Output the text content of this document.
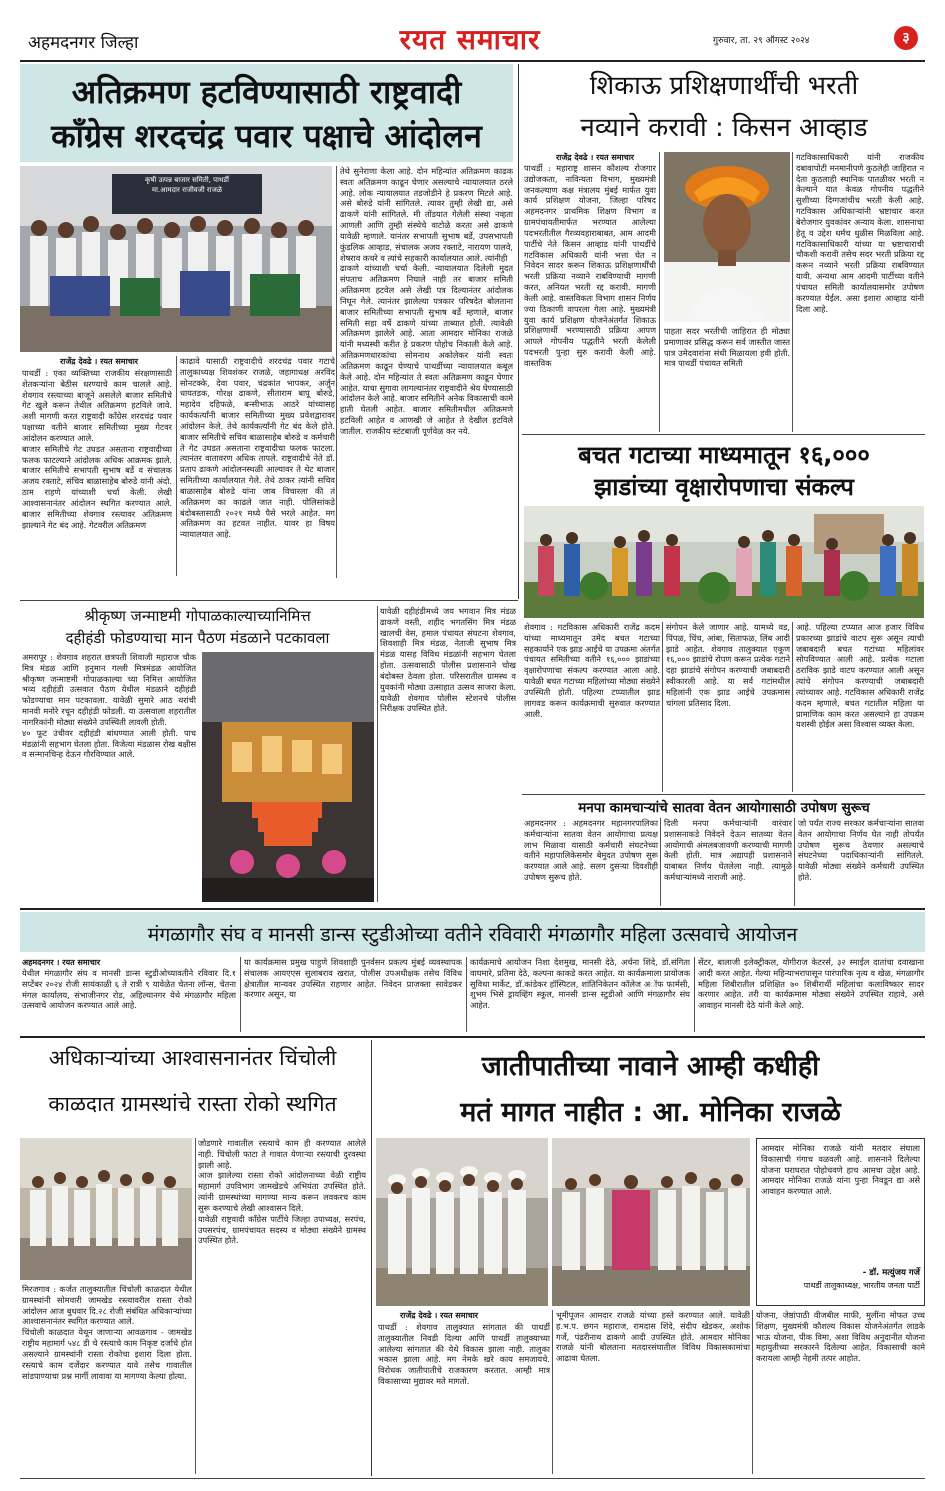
अहमदनगर जिल्हा	रयत समाचार	गुरुवार, ता. २९ ऑगस्ट २०२४	३
अतिक्रमण हटविण्यासाठी राष्ट्रवादी
काँग्रेस शरदचंद्र पवार पक्षाचे आंदोलन
कृषी उत्पन्न बाजार समिती, पाथर्डी
मा.आमदार राजीवजी राजळे
राजेंद्र देवढे । रयत समाचार
पाथर्डी : एका व्यक्तिच्या राजकीय संरक्षणासाठी शेतकऱ्यांना बेठीस धरण्याचे काम चालले आहे. शेवगाव रस्त्याच्या बाजूने असलेले बाजार समितीचे गेट खुले करून तेथील अतिक्रमण हटविले जावे. अशी मागणी करत राष्ट्रवादी काँग्रेस शरदचंद्र पवार पक्षाच्या वतीने बाजार समितीच्या मुख्य गेटवर आंदोलन करण्यात आले.
बाजार समितीचे गेट उघडत असताना राष्ट्रवादीच्या फलक फाटल्याने आंदोलक अधिक आक्रमक झाले. बाजार समितीचे सभापती सुभाष बर्डे व संचालक अजय रक्ताटे, संचिव बाळासाहेब बोरुडे यांनी अंदो. ठाम राहणे यांच्याशी चर्चा केली. लेखी आश्वासनानंतर आंदोलन स्थगित करण्यात आले. बाजार समितीच्या शेवगाव रस्त्यावर अतिक्रमण झाल्याने गेट बंद आहे. गेटवरील अतिक्रमण
काढावे यासाठी राष्ट्रवादीचे शरदचंद्र पवार गटाचे तालुकाध्यक्ष शिवशंकर राजळे, जहागाधक्ष अरविंद सोनटक्के, देवा पवार, चंद्रकांत भापकर, अर्जुन धायतडक, गोरक्ष ढाकणे, सीताराम बापू बोरुडे, महादेव दहिफळे, बन्सीभाऊ आठरे यांच्यासह कार्यकर्त्यांनी बाजार समितीच्या मुख्य प्रवेशद्वारावर आंदोलन केले. तेथे कार्यकर्त्यांनी गेट बंद केले होते. बाजार समितीचे सचिव बाळासाहेब बोरुडे व कर्मचारी ते गेट उघडत असताना राष्ट्रवादीचा फलक फाटला. त्यानंतर वातावरण अधिक तापले. राष्ट्रवादीचे नेते डॉ. प्रताप ढाकणे आंदोलनस्थळी आल्यावर ते थेट बाजार समितीच्या कार्यालयात गेले. तेथे ठाकर त्यांनी सचिव बाळासाहेब बोरुडे यांना जाब विचारला की तं अतिक्रमण का काढले जात नाही. पोलिसांकडे बंदोबस्तासाठी २०२१ मध्ये पैसे भरले आहेत. मग अतिक्रमण का हटवत नाहीत. यावर हा विषय न्यायालयात आहे.
तेथे सुनेराणा केला आहे. दोन महिन्यांत अतिक्रमण काढक स्वतः अतिक्रमण काढून घेणार असल्याचे न्यायालयात ठरले आहे. लोक न्यायालयात तडजोडीने हे प्रकरण मिटले आहे. असे बोरुडे यांनी सांगितले. त्यावर तुम्ही लेखी द्या, असे ढाकणे यांनी सांगितले. मी तोंडयात गेलेली संस्था नव्हता आणली आणि तुम्ही संस्थेचे वाटोळे करता असे ढाकणे यावेळी म्हणाले. यानंतर सभापती सुभाष बर्डे, उपसभापती कुंडलिक आव्हाड, संचालक अजय रक्ताटे, नारायण पालवे, शेषराव कचरे व त्यांचे सहकारी कार्यालयात आले. त्यांनीही
ढाकणे यांच्याशी चर्चा केली. न्यायालयात दिलेली मुदत संपताच अतिक्रमण निघाले नाही तर बाजार समिती अतिक्रमण हटवेल असे लेखी पत्र दिल्यानंतर आंदोलक निघून गेले. त्यानंतर झालेल्या पत्रकार परिषदेत बोलताना बाजार समितीच्या सभापती सुभाष बर्डे म्हणाले, बाजार समिती सहा वर्षे ढाकणे यांच्या ताब्यात होती. त्यावेळी अतिक्रमण झालेले आहे. आता आमदार मोनिका राजळे यांनी मध्यस्थी करीत हे प्रकरण पोहोच निकाली केले आहे. अतिक्रमणधारकांचा सोमनाथ अकोलेकर यांनी स्वतः अतिक्रमण काढून घेण्याचे पाथर्डीच्या न्यायालयात कबूल केले आहे. दोन महिन्यांत ते स्वतः अतिक्रमण काढून घेणार आहेत. याचा सुगावा लागल्यानंतर राष्ट्रवादीने श्रेय घेण्यासाठी आंदोलन केले आहे. बाजार समितीने अनेक विकासाची कामे हाती घेतली आहेत. बाजार समितीमधील अतिक्रमणे हटविली आहेत व आणखी जे आहेत ते देखील हटविले जातील. राजकीय स्टंटबाजी पूर्णवेळ कर नये.
शिकाऊ प्रशिक्षणार्थींची भरती
नव्याने करावी : किसन आव्हाड
राजेंद्र देवढे । रयत समाचार
पाथर्डी : महाराष्ट्र शासन कौशल्य रोजगार उद्योजकता, नाविन्यता विभाग, मुख्यमंत्री जनकल्याण कक्ष मंत्रालय मुंबई मार्फत युवा कार्य प्रशिक्षण योजना, जिल्हा परिषद अहमदनगर प्राथमिक शिक्षण विभाग व ग्रामपंचायतीमार्फत भरण्यात आलेल्या पदभरतीतील गैरव्यवहाराबाबत, आम आदमी पार्टीचे नेते किसन आव्हाड यांनी पाथर्डीचे गटविकास अधिकारी यांनी भत्ता घेत न निवेदन सादर करून शिकाऊ प्रशिक्षणार्थींची भरती प्रक्रिया नव्याने राबविण्याची मागणी करत, अनियत भरती रद्द करावी. मागणी केली आहे. वास्तविकतः विभाग शासन निर्णय ज्या ठिकाणी वापरला गेला आहे. मुख्यमंत्री युवा कार्य प्रशिक्षण योजनेअंतर्गत शिकाऊ प्रशिक्षणार्थी भरण्यासाठी प्रक्रिया आपण आपले गोपनीय पद्धतीने भरती केलेली पदभरती पुन्हा सुरु करावी केली आहे. वास्तविक
पाहता सदर भरतीची जाहिरात ही मोठ्या प्रमाणावर प्रसिद्ध करून सर्व जास्तीत जास्त पात्र उमेदवारांना संधी मिळायला हवी होती. मात्र पाथर्डी पंचायत समिती
गटविकासाधिकारी यांनी राजकीय दबावापोटी मनमानीपणे कुठलेही जाहिरात न देता कुठलाही स्थानिक पातळीवर भरती न केल्याने यात केवळ गोपनीय पद्धतीने सुशीच्या दिग्गजांचीच भरती केली आहे. गटविकास अधिकाऱ्यांनी भ्रष्टाचार करत बेरोजगार युवकांवर अन्याय केला. शासनाचा हेतू व उद्देश धर्मच धुळीस मिळविला आहे. गटविकासाधिकारी यांच्या या भ्रष्टाचाराची चौकशी करावी तसेच सदर भरती प्रक्रिया रद्द करून नव्याने भरती प्रक्रिया राबविण्यात यावी. अन्यथा आम आदमी पार्टीच्या वतीने पंचायत समिती कार्यालयासमोर उपोषण करण्यात येईल. असा इशारा आव्हाड यांनी दिला आहे.
बचत गटाच्या माध्यमातून १६,०००
झाडांच्या वृक्षारोपणाचा संकल्प
शेवगाव : गटविकास अधिकारी राजेंद्र कदम यांच्या माध्यमातून उमेद बचत गटाच्या सहकार्याने एक झाड आईचे या उपक्रमा अंतर्गत पंचायत समितीच्या वतीने १६,००० झाडांच्या वृक्षारोपणाचा संकल्प करण्यात आला आहे. यावेळी बचत गटाच्या महिलांच्या मोठ्या संख्येने उपस्थिती होती. पहिल्या टप्प्यातील झाड लागवड करून कार्यक्रमाची सुरुवात करण्यात आली.
संगोपन केले जाणार आहे. यामध्ये वड, पिंपळ, चिंच, आंबा, सिताफळ, लिंब आदी झाडे आहेत. शेवगाव तालुक्यात एकूण १६,००० झाडांचे रोपण करून प्रत्येक गटाने दहा झाडांचे संगोपन करण्याची जबाबदारी स्वीकारली आहे. या सर्व गटांमधील महिलांनी एक झाड आईचे उपक्रमास चांगला प्रतिसाद दिला.
आहे. पहिल्या टप्प्यात आज हजार विविध प्रकारच्या झाडांचे वाटप सुरू असून त्याची जबाबदारी बचत गटांच्या महिलांवर सोपविण्यात आली आहे. प्रत्येक गटाला ठराविक झाडे वाटप करण्यात आली असून त्यांचे संगोपन करण्याची जबाबदारी त्यांच्यावर आहे. गटविकास अधिकारी राजेंद्र कदम म्हणाले, बचत गटातील महिला या प्रामाणिक काम करत असल्याने हा उपक्रम यशस्वी होईल असा विश्वास व्यक्त केला.
मनपा कामचाऱ्यांचे सातवा वेतन आयोगासाठी उपोषण सुरूच
अहमदनगर : अहमदनगर महानगरपालिका कर्मचाऱ्यांना सातवा वेतन आयोगाचा प्रत्यक्ष लाभ मिळावा यासाठी कर्मचारी संघटनेच्या वतीने महापालिकेसमोर बेमुदत उपोषण सुरू करण्यात आले आहे. सलग दुसऱ्या दिवशीही उपोषण सुरूच होते.
दिली मनपा कर्मचाऱ्यांनी वारंवार प्रशासनाकडे निवेदने देऊन सातव्या वेतन आयोगाची अंमलबजावणी करण्याची मागणी केली होती. मात्र अद्यापही प्रशासनाने याबाबत निर्णय घेतलेला नाही. त्यामुळे कर्मचाऱ्यांमध्ये नाराजी आहे.
जो पर्यंत राज्य सरकार कर्मचाऱ्यांना सातवा वेतन आयोगाचा निर्णय घेत नाही तोपर्यंत उपोषण सुरूच ठेवणार असल्याचे संघटनेच्या पदाधिकाऱ्यांनी सांगितले. यावेळी मोठ्या संख्येने कर्मचारी उपस्थित होते.
श्रीकृष्ण जन्माष्टमी गोपाळकाल्याच्यानिमित्त
दहीहंडी फोडण्याचा मान पैठण मंडळाने पटकावला
अमरापूर : शेवगाव शहरात छत्रपती शिवाजी महाराज चौक मित्र मंडळ आणि हनुमान गल्ली मित्रमंडळ आयोजित श्रीकृष्ण जन्माष्टमी गोपाळकाल्या च्या निमित्त आयोजित भव्य दहीहंडी उत्सवात पैठण येथील मंडळाने दहीहंडी फोडण्याचा मान पटकावला. यावेळी सुमारे आठ थरांची मानवी मनोरे रचून दहीहंडी फोडली. या उत्सवाला शहरातील नागरिकांनी मोठ्या संख्येने उपस्थिती लावली होती.
४० फूट उंचीवर दहीहंडी बांधण्यात आली होती. पाच मंडळांनी सहभाग घेतला होता. विजेत्या मंडळास रोख बक्षीस व सन्मानचिन्ह देऊन गौरविण्यात आले.
यावेळी दहीहंडीमध्ये जय भगवान मित्र मंडळ ढाकणे वस्ती, शहीद भगतसिंग मित्र मंडळ खालची वेस, हमाल पंचायत संघटना शेवगाव, शिवशाही मित्र मंडळ, नेताजी सुभाष मित्र मंडळ यासह विविध मंडळांनी सहभाग घेतला होता. उत्सवासाठी पोलीस प्रशासनाने चोख बंदोबस्त ठेवला होता. परिसरातील ग्रामस्थ व युवकांनी मोठ्या उत्साहात उत्सव साजरा केला. यावेळी शेवगाव पोलीस स्टेशनचे पोलीस निरीक्षक उपस्थित होते.
मंगळागौर संघ व मानसी डान्स स्टुडीओच्या वतीने रविवारी मंगळागौर महिला उत्सवाचे आयोजन
अहमदनगर । रयत समाचार
येथील मंगळागौर संघ व मानसी डान्स स्टुडीओच्यावतीने रविवार दि.१ सप्टेंबर २०२४ रोजी सायंकाळी ६ ते रात्री ९ यावेळेत चेतना लॉन्स, चेतना मंगल कार्यालय, संभाजीनगर रोड, अहिल्यानगर येथे मंगळागौर महिला उत्सवाचे आयोजन करण्यात आले आहे.
या कार्यक्रमास प्रमुख पाहुणे शिवशाही पुनर्वसन प्रकल्प मुंबई व्यवस्थापक संचालक आयएएस सुलाबराव खरात, पोलीस उपअधीक्षक तसेच विविध क्षेत्रातील मान्यवर उपस्थित राहणार आहेत. निवेदन प्राजक्ता सावेडकर करणार असून, या
कार्यक्रमाचे आयोजन निशा देशमुख, मानसी देठे, अर्चना शिंदे, डॉ.संगिता वाघमारे, प्रतिमा देठे, कल्पना काकडे करत आहेत. या कार्यक्रमाला प्रायोजक सुविधा मार्केट, डॉ.कांडेकर हॉस्पिटल, शांतिनिकेतन कॉलेज अॉफ फार्मसी, शुभम भिसे ड्रायव्हिंग स्कूल, मानसी डान्स स्टुडीओ आणि मंगळागौर संघ आहेत.
सेंटर, बालाजी इलेक्ट्रीकल, योगीराज केटरर्स, ३२ स्माईल दातांचा दवाखाना आदी करत आहेत. गेल्या महिन्याभरापासून पारंपारिक नृत्य व खेळ, मंगळागौर महिला शिबीरातील प्रशिक्षित ७० शिबीरार्थी महिलांचा कलाविष्कार सादर करणार आहेत. तरी या कार्यक्रमास मोठ्या संख्येने उपस्थित राहावे, असे आवाहन मानसी देठे यांनी केले आहे.
अधिकाऱ्यांच्या आश्वासनानंतर चिंचोली
काळदात ग्रामस्थांचे रास्ता रोको स्थगित
मिरजगाव : कर्जत तालुक्यातील चिंचोली काळदात येथील ग्रामस्थांनी सोमवारी जामखेड रस्त्यावरील रास्ता रोको आंदोलन आज बुधवार दि.२८ रोजी संबंधित अधिकाऱ्यांच्या आश्वासनानंतर स्थगित करण्यात आले.
चिंचोली काळदात येथून जाणाऱ्या आवळगाव - जामखेड राष्ट्रीय महामार्ग ५४८ डी चे रस्त्याचे काम निकृष्ट दर्जाचे होत असल्याने ग्रामस्थांनी रास्ता रोकोचा इशारा दिला होता. रस्त्याचे काम दर्जेदार करण्यात यावे तसेच गावातील सांडपाण्याचा प्रश्न मार्गी लावावा या मागण्या केल्या होत्या.
जोडणारे गावातील रस्त्याचे काम ही करण्यात आलेले नाही. चिंचोली फाटा ते गावात येणाऱ्या रस्त्याची दुरवस्था झाली आहे.
आज झालेल्या रास्ता रोको आंदोलनाच्या वेळी राष्ट्रीय महामार्ग उपविभाग जामखेडचे अभियंता उपस्थित होते. त्यांनी ग्रामस्थांच्या मागण्या मान्य करून लवकरच काम सुरू करण्याचे लेखी आश्वासन दिले.
यावेळी राष्ट्रवादी काँग्रेस पार्टीचे जिल्हा उपाध्यक्ष, सरपंच, उपसरपंच, ग्रामपंचायत सदस्य व मोठ्या संख्येने ग्रामस्थ उपस्थित होते.
जातीपातीच्या नावाने आम्ही कधीही
मतं मागत नाहीत : आ. मोनिका राजळे
आमदार मोनिका राजळे यांनी मतदार संघाला विकासाची गंगाच वळवली आहे. शासनाने दिलेल्या योजना घराघरात पोहोचवणे हाच आमचा उद्देश आहे. आमदार मोनिका राजळे यांना पुन्हा निवडून द्या असे आवाहन करण्यात आले.
- डॉ. मत्युंजय गर्जे
पाथर्डी तालुकाध्यक्ष, भारतीय जनता पार्टी
राजेंद्र देवढे । रयत समाचार
पाथर्डी : शेवगाव तालुक्यात सांगतात की पाथर्डी तालुक्यातील निवडी दिल्या आणि पाथर्डी तालुक्याच्या आलेल्या सांगतात की येथे विकास झाला नाही. तालुका भकास झाला आहे. मग नेमके खरे काय समजायचे. विरोधक जातीपातीचे राजकारण करतात. आम्ही मात्र विकासाच्या मुद्यावर मते मागतो.
भूमीपूजन आमदार राजळे यांच्या हस्ते करण्यात आले. यावेळी ह.भ.प. छगन महाराज, रामदास शिंदे, संदीप खेडकर, अशोक गर्जे, पंढरीनाथ ढाकणे आदी उपस्थित होते. आमदार मोनिका राजळे यांनी बोलताना मतदारसंघातील विविध विकासकामांचा आढावा घेतला.
योजना, जेष्ठांपाठी वीजबील माफी, मुलींना मोफत उच्च शिक्षण, मुख्यमंत्री कौशल्य विकास योजनेअंतर्गत लाडके भाऊ योजना, पीक विमा, अशा विविध अनुदानीत योजना महायुतीच्या सरकारने दिलेल्या आहेत. विकासाची कामे करायला आम्ही नेहमी तत्पर आहोत.
